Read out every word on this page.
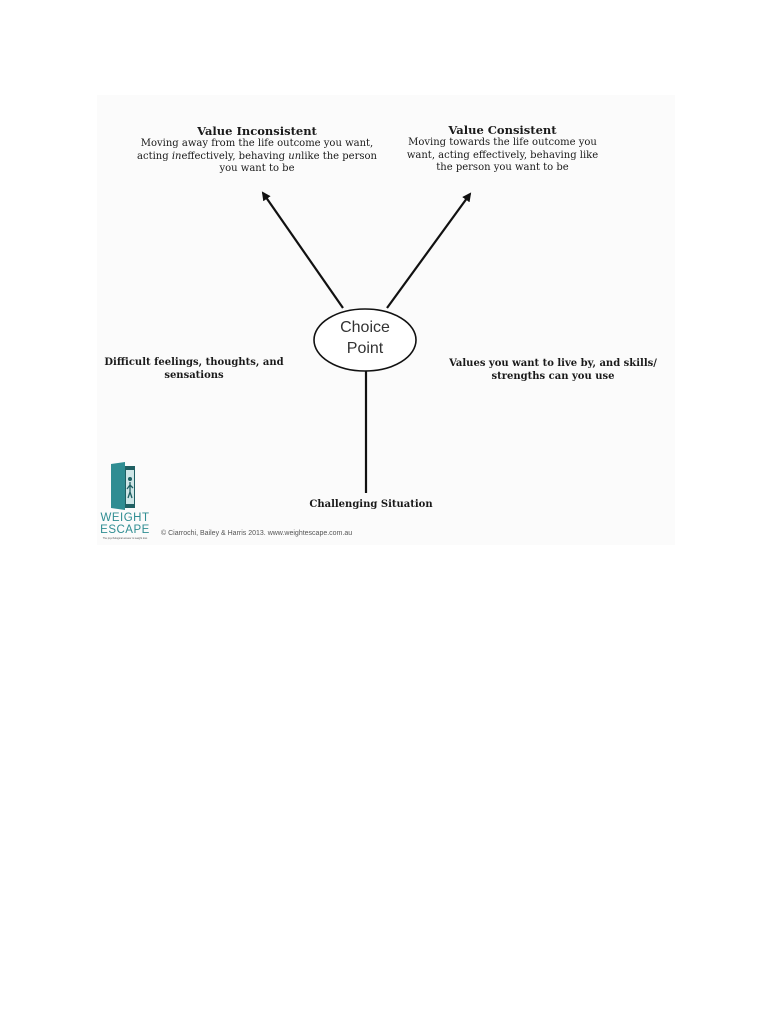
Value Inconsistent
Moving away from the life outcome you want,
acting ineffectively, behaving unlike the person
you want to be
Value Consistent
Moving towards the life outcome you
want, acting effectively, behaving like
the person you want to be
Choice
Point
Difficult feelings, thoughts, and
sensations
Values you want to live by, and skills/
strengths can you use
Challenging Situation
WEIGHT
ESCAPE
The psychological answer to weight loss
© Ciarrochi, Bailey & Harris 2013. www.weightescape.com.au
